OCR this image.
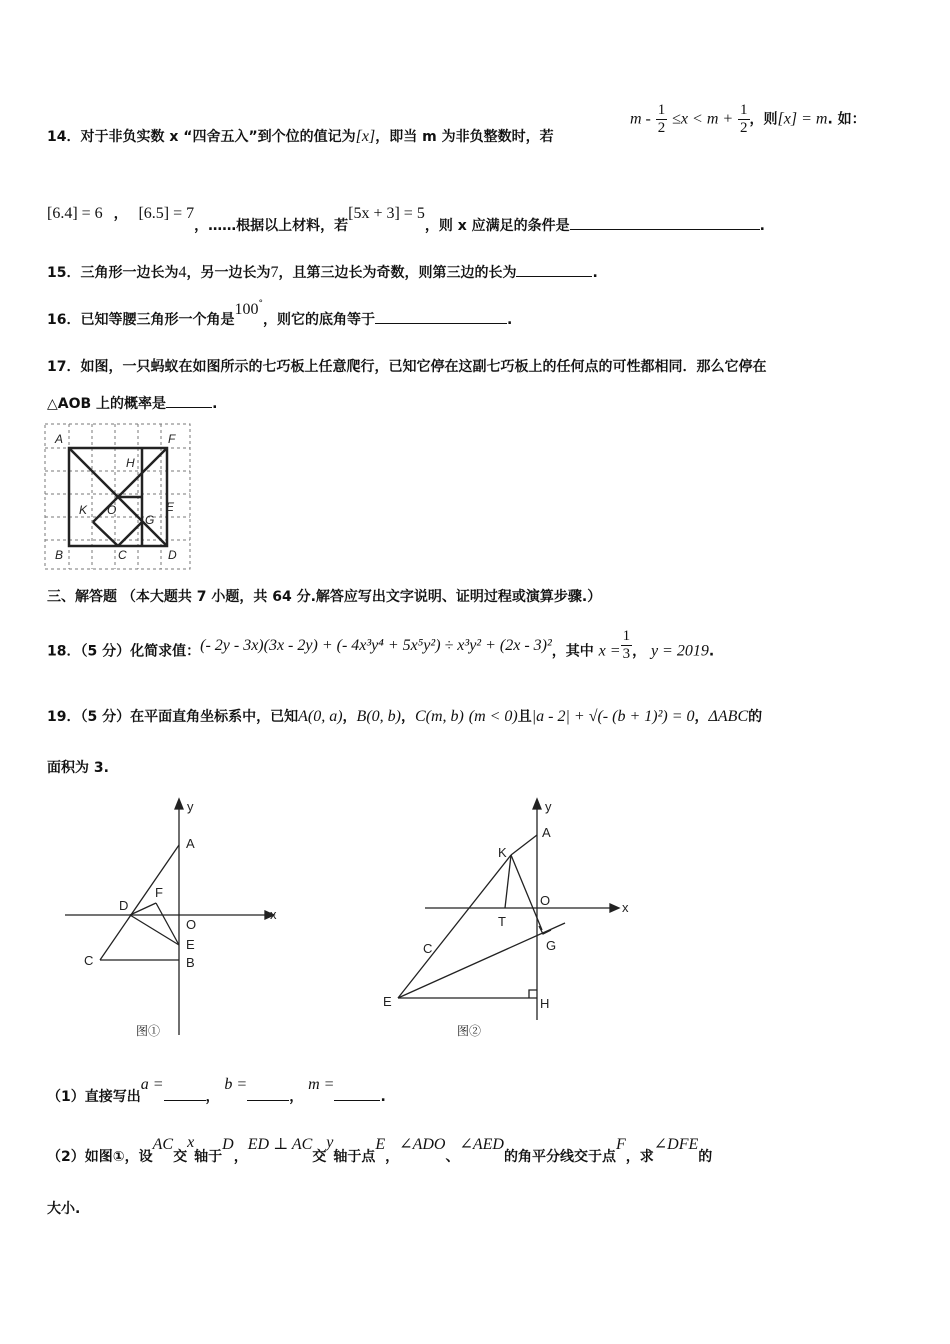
14．对于非负实数 x “四舍五入”到个位的值记为[x]，即当 m 为非负整数时，若
$m - \frac{1}{2} \le x < m + \frac{1}{2}$ ，则[x] = m. 如：
[6.4] = 6 ， [6.5] = 7，……根据以上材料，若[5x + 3] = 5，则 x 应满足的条件是	.
15．三角形一边长为4，另一边长为7，且第三边长为奇数，则第三边的长为	.
16．已知等腰三角形一个角是100°，则它的底角等于	.
17．如图，一只蚂蚁在如图所示的七巧板上任意爬行，已知它停在这副七巧板上的任何点的可性都相同．那么它停在
△AOB 上的概率是	.
A	F
H
K O	E
G
B	C	D
三、解答题 （本大题共 7 小题，共 64 分.解答应写出文字说明、证明过程或演算步骤.）
18．（5 分）化简求值：(- 2y - 3x)(3x - 2y) + (- 4x³y⁴ + 5x⁵y²) ÷ x³y² + (2x - 3)²，其中 $x = \frac{1}{3}$ ， y = 2019.
19．（5 分）在平面直角坐标系中，已知A(0, a)，B(0, b)，C(m, b) (m < 0)且|a - 2| + √(- (b + 1)²) = 0，ΔABC的
面积为 3.
y
x
A
F
D
O
E
C	B
图①
y
x
A
K
O
T
C	G
E	H
图②
（1）直接写出a =， b =， m =.
（2）如图①，设AC交x轴于D，ED ⊥ AC交y轴于点E，∠ADO、∠AED的角平分线交于点F，求∠DFE的
大小.
